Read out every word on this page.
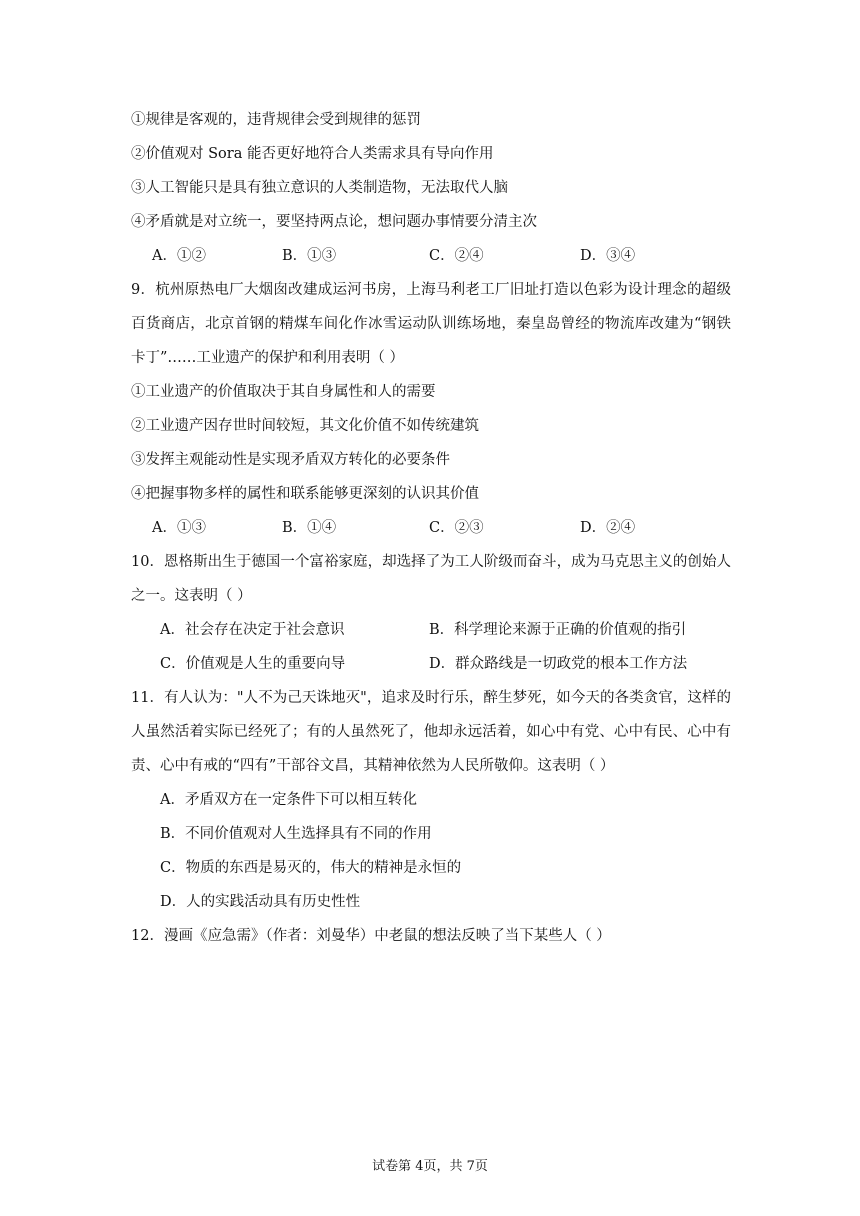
①规律是客观的，违背规律会受到规律的惩罚
②价值观对 Sora 能否更好地符合人类需求具有导向作用
③人工智能只是具有独立意识的人类制造物，无法取代人脑
④矛盾就是对立统一，要坚持两点论，想问题办事情要分清主次
A．①②	B．①③	C．②④	D．③④
9．杭州原热电厂大烟囱改建成运河书房，上海马利老工厂旧址打造以色彩为设计理念的超级百货商店，北京首钢的精煤车间化作冰雪运动队训练场地，秦皇岛曾经的物流库改建为“钢铁卡丁”……工业遗产的保护和利用表明（ ）
①工业遗产的价值取决于其自身属性和人的需要
②工业遗产因存世时间较短，其文化价值不如传统建筑
③发挥主观能动性是实现矛盾双方转化的必要条件
④把握事物多样的属性和联系能够更深刻的认识其价值
A．①③	B．①④	C．②③	D．②④
10．恩格斯出生于德国一个富裕家庭，却选择了为工人阶级而奋斗，成为马克思主义的创始人之一。这表明（ ）
A．社会存在决定于社会意识	B．科学理论来源于正确的价值观的指引
C．价值观是人生的重要向导	D．群众路线是一切政党的根本工作方法
11．有人认为："人不为己天诛地灭"，追求及时行乐，醉生梦死，如今天的各类贪官，这样的人虽然活着实际已经死了；有的人虽然死了，他却永远活着，如心中有党、心中有民、心中有责、心中有戒的“四有”干部谷文昌，其精神依然为人民所敬仰。这表明（ ）
A．矛盾双方在一定条件下可以相互转化
B．不同价值观对人生选择具有不同的作用
C．物质的东西是易灭的，伟大的精神是永恒的
D．人的实践活动具有历史性性
12．漫画《应急需》（作者：刘曼华）中老鼠的想法反映了当下某些人（ ）
试卷第 4页，共 7页
